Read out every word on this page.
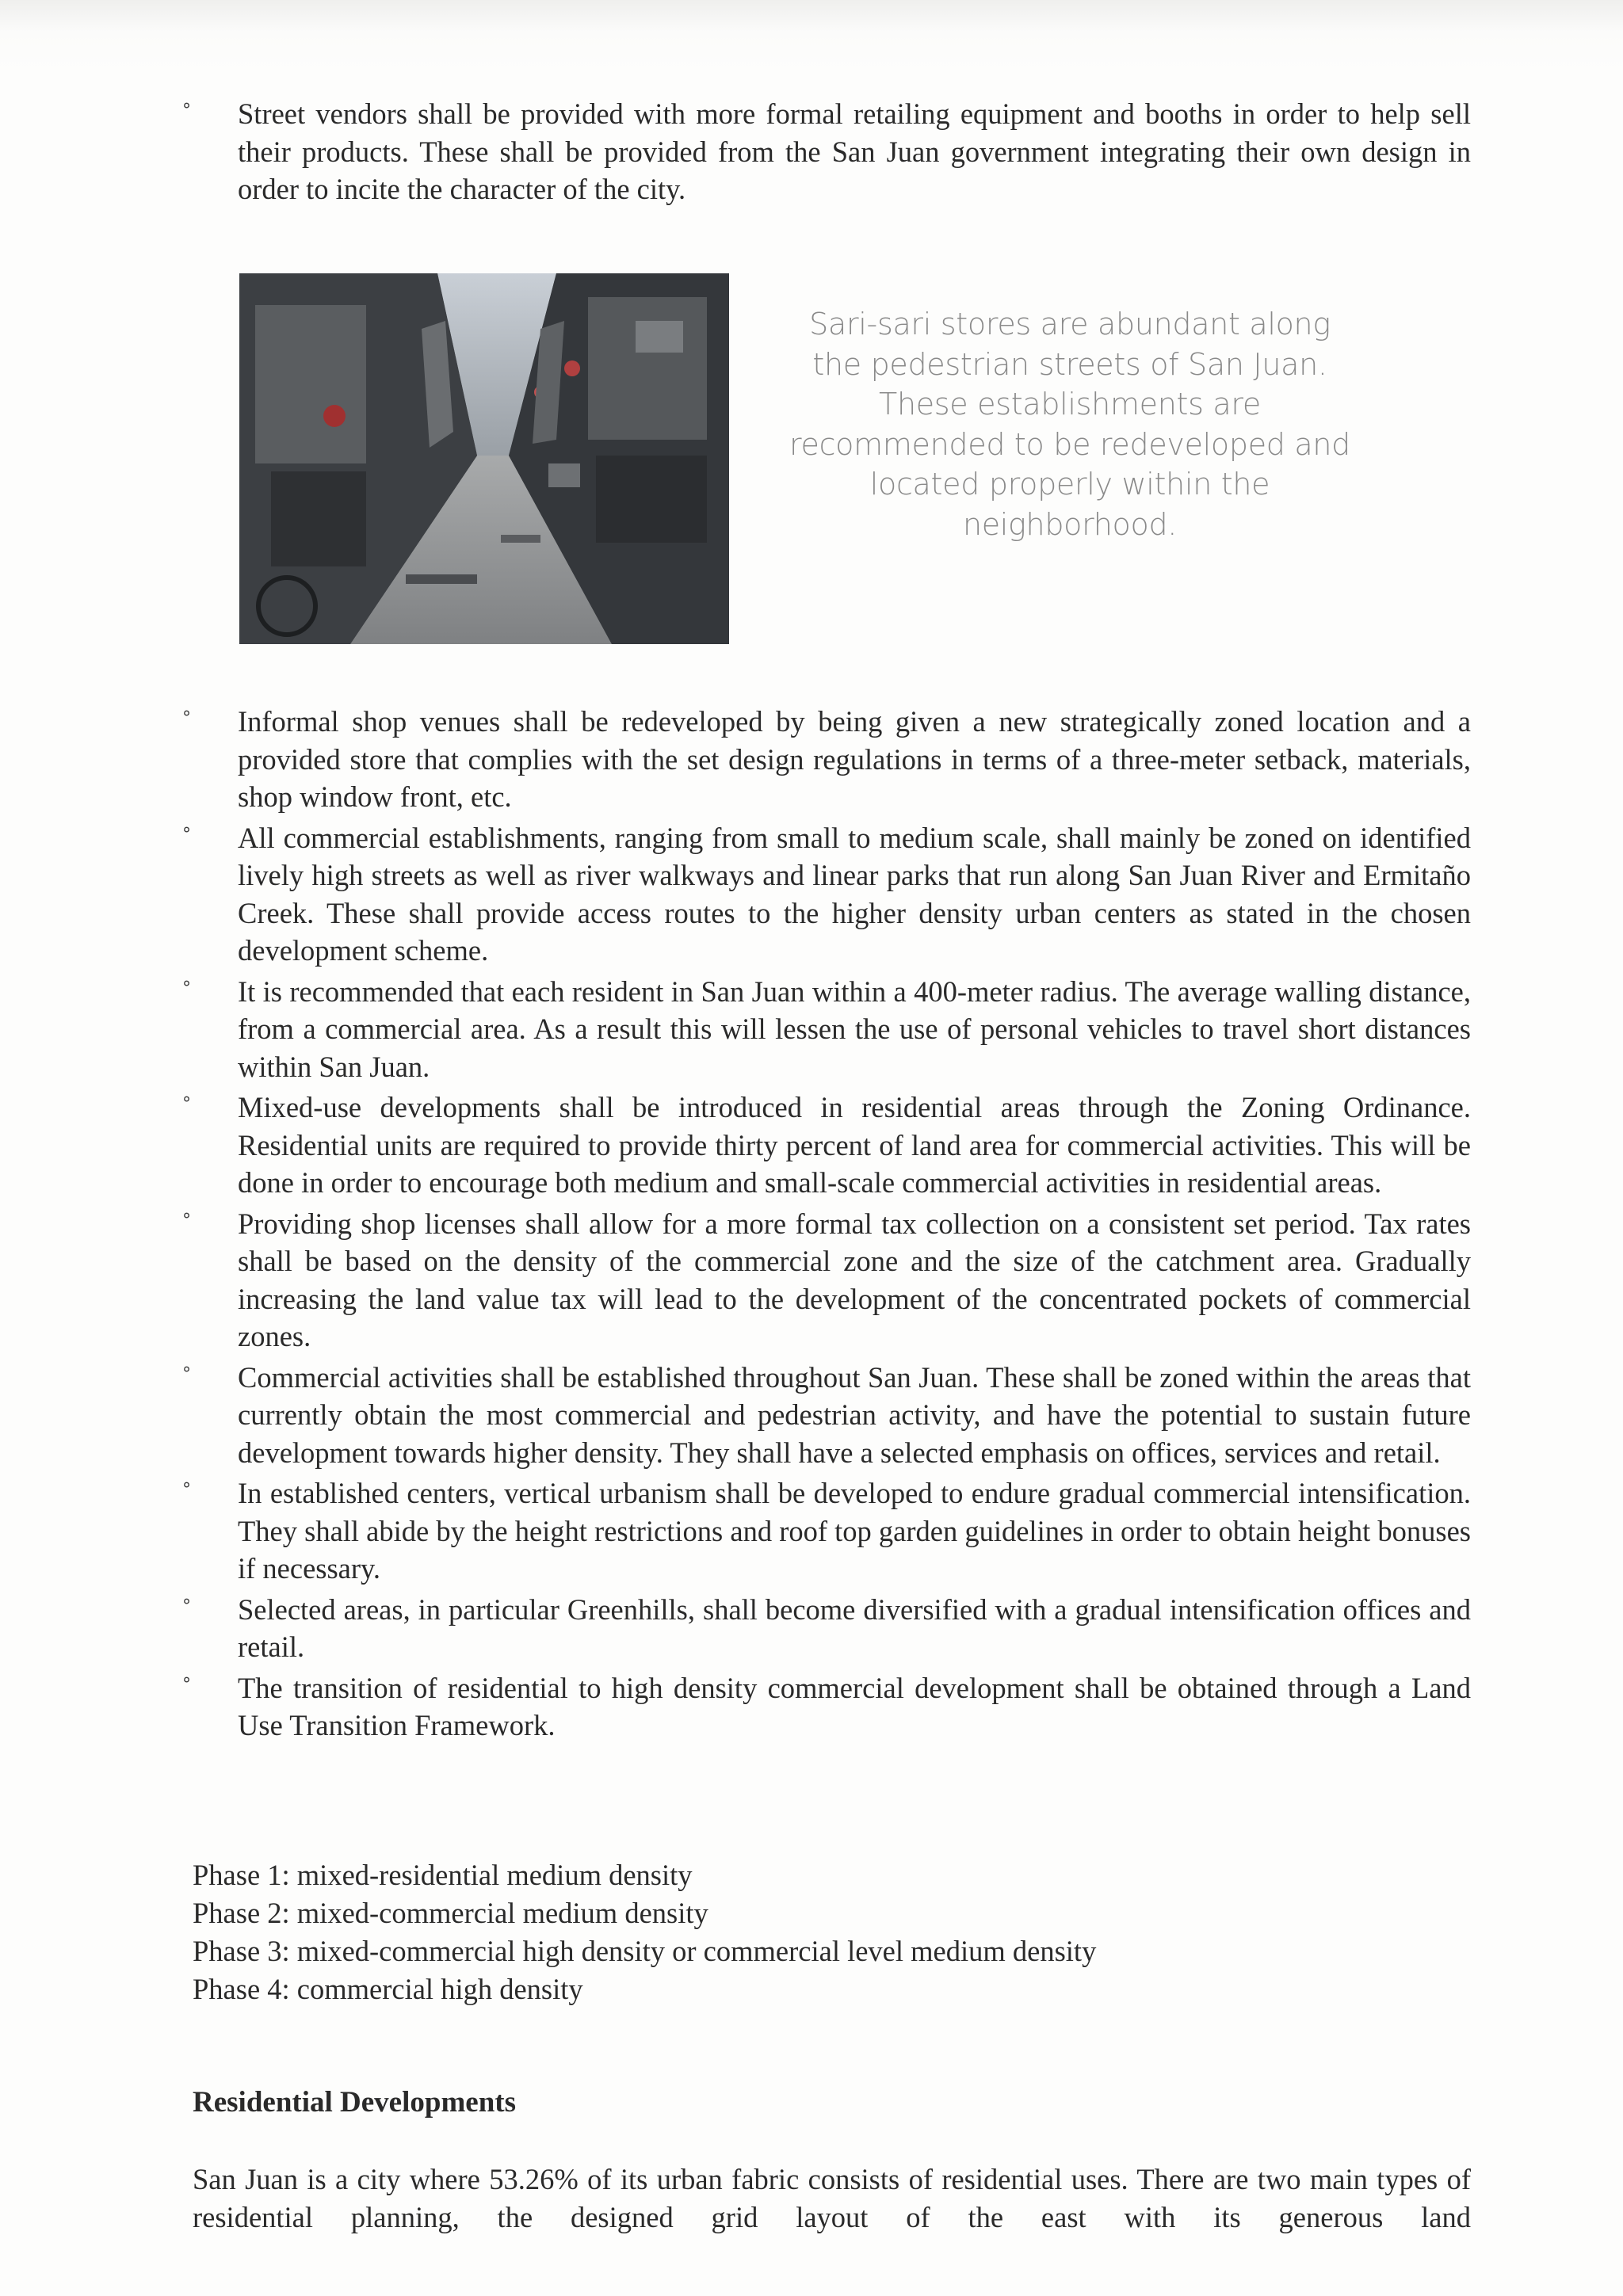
° Street vendors shall be provided with more formal retailing equipment and booths in order to help sell their products. These shall be provided from the San Juan government integrating their own design in order to incite the character of the city.
Sari-sari stores are abundant along the pedestrian streets of San Juan. These establishments are recommended to be redeveloped and located properly within the neighborhood.
° Informal shop venues shall be redeveloped by being given a new strategically zoned location and a provided store that complies with the set design regulations in terms of a three-meter setback, materials, shop window front, etc.
° All commercial establishments, ranging from small to medium scale, shall mainly be zoned on identified lively high streets as well as river walkways and linear parks that run along San Juan River and Ermitaño Creek. These shall provide access routes to the higher density urban centers as stated in the chosen development scheme.
° It is recommended that each resident in San Juan within a 400-meter radius. The average walling distance, from a commercial area. As a result this will lessen the use of personal vehicles to travel short distances within San Juan.
° Mixed-use developments shall be introduced in residential areas through the Zoning Ordinance. Residential units are required to provide thirty percent of land area for commercial activities. This will be done in order to encourage both medium and small-scale commercial activities in residential areas.
° Providing shop licenses shall allow for a more formal tax collection on a consistent set period. Tax rates shall be based on the density of the commercial zone and the size of the catchment area. Gradually increasing the land value tax will lead to the development of the concentrated pockets of commercial zones.
° Commercial activities shall be established throughout San Juan. These shall be zoned within the areas that currently obtain the most commercial and pedestrian activity, and have the potential to sustain future development towards higher density. They shall have a selected emphasis on offices, services and retail.
° In established centers, vertical urbanism shall be developed to endure gradual commercial intensification. They shall abide by the height restrictions and roof top garden guidelines in order to obtain height bonuses if necessary.
° Selected areas, in particular Greenhills, shall become diversified with a gradual intensification offices and retail.
° The transition of residential to high density commercial development shall be obtained through a Land Use Transition Framework.
Phase 1: mixed-residential medium density
Phase 2: mixed-commercial medium density
Phase 3: mixed-commercial high density or commercial level medium density
Phase 4: commercial high density
Residential Developments

San Juan is a city where 53.26% of its urban fabric consists of residential uses. There are two main types of residential planning, the designed grid layout of the east with its generous land
